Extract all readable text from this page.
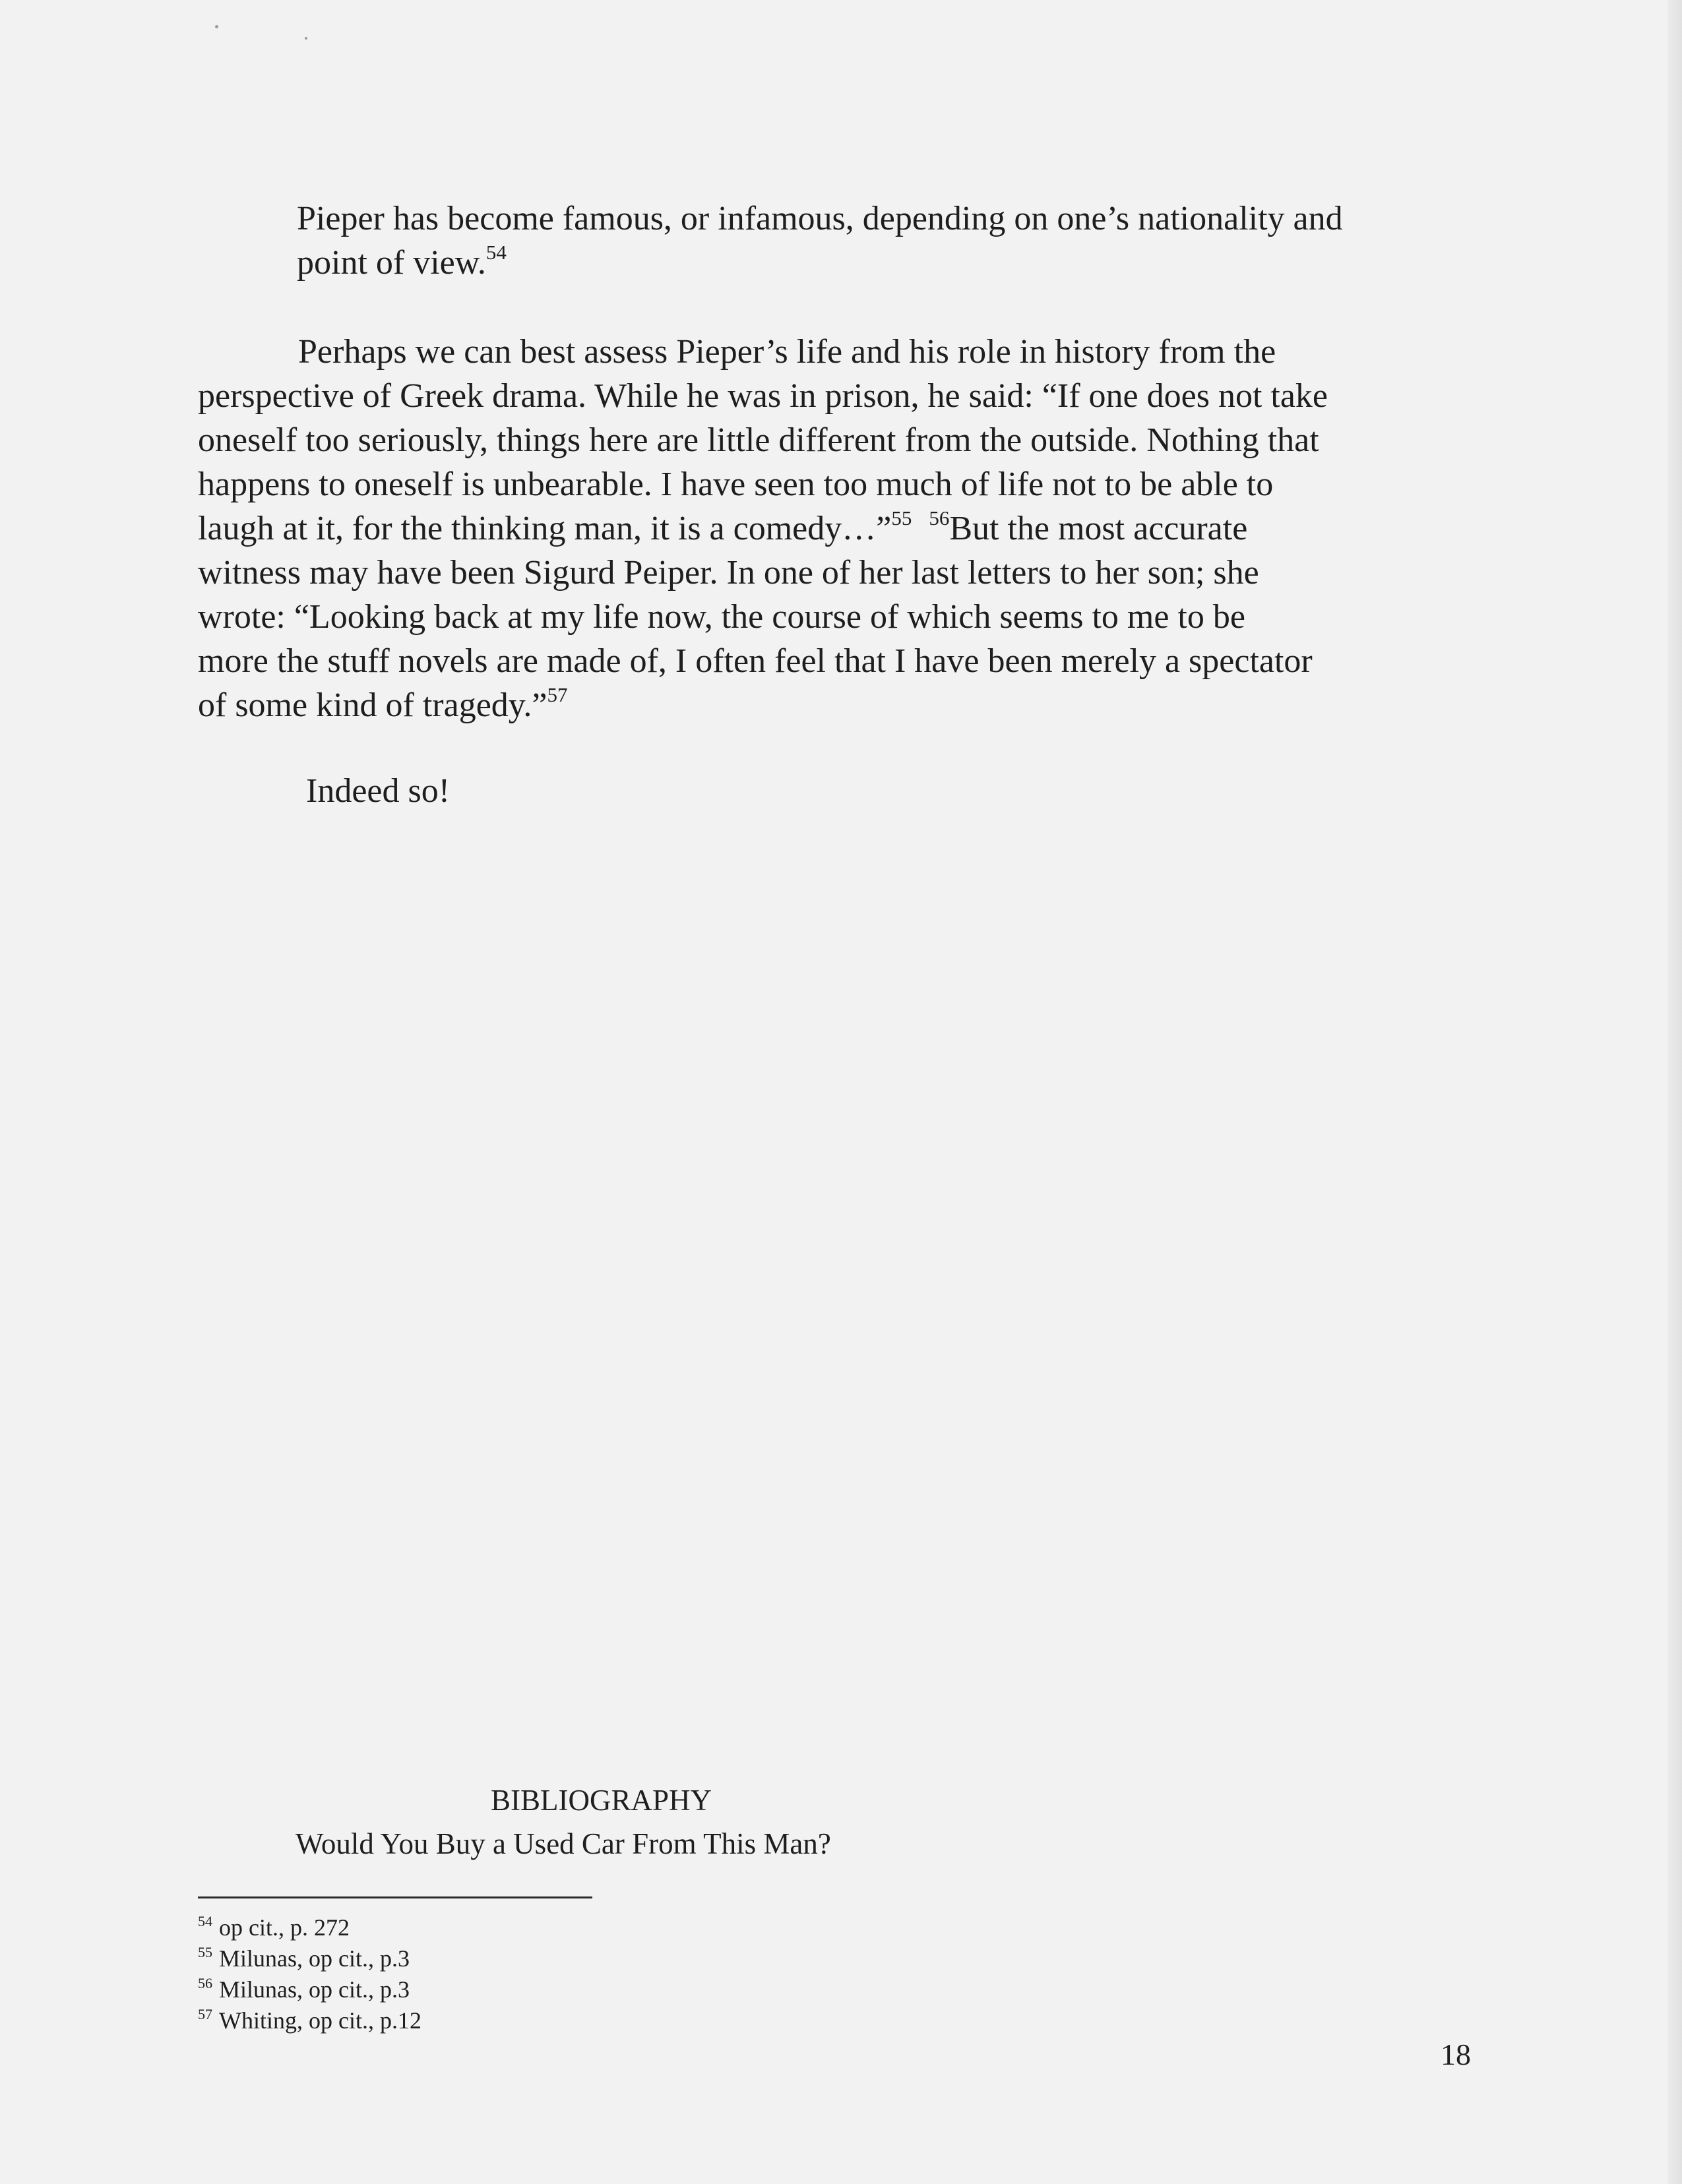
Pieper has become famous, or infamous, depending on one’s nationality and
point of view.$^{54}$

Perhaps we can best assess Pieper’s life and his role in history from the
perspective of Greek drama. While he was in prison, he said: “If one does not take
oneself too seriously, things here are little different from the outside. Nothing that
happens to oneself is unbearable. I have seen too much of life not to be able to
laugh at it, for the thinking man, it is a comedy…”$^{55}$ $^{56}$But the most accurate
witness may have been Sigurd Peiper. In one of her last letters to her son; she
wrote: “Looking back at my life now, the course of which seems to me to be
more the stuff novels are made of, I often feel that I have been merely a spectator
of some kind of tragedy.”$^{57}$

Indeed so!

BIBLIOGRAPHY

Would You Buy a Used Car From This Man?

$^{54}$ op cit., p. 272
$^{55}$ Milunas, op cit., p.3
$^{56}$ Milunas, op cit., p.3
$^{57}$ Whiting, op cit., p.12

18
